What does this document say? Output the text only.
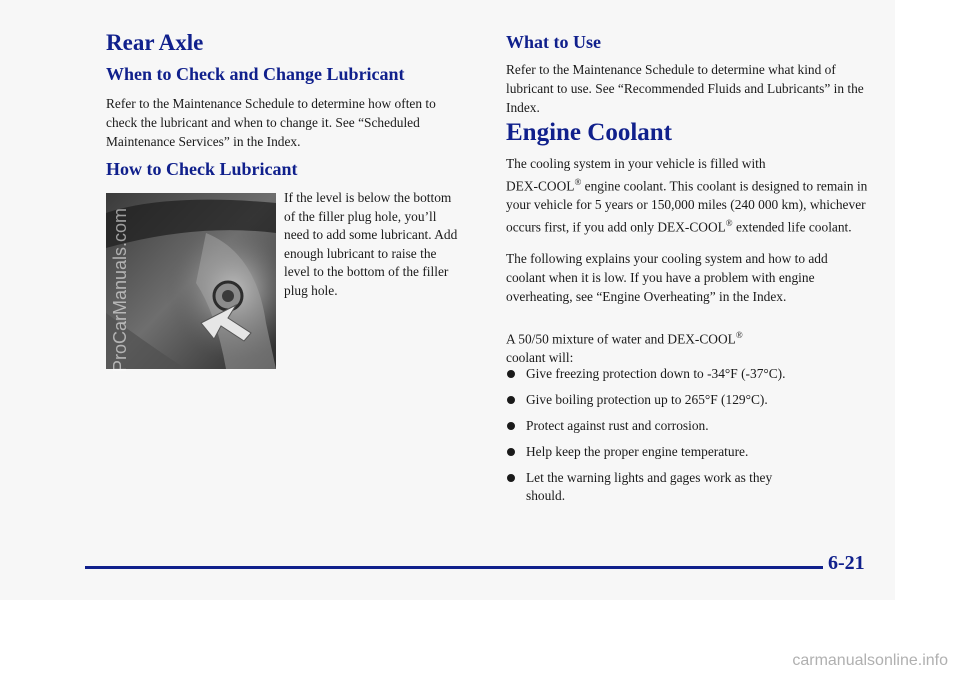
Rear Axle
When to Check and Change Lubricant

Refer to the Maintenance Schedule to determine how often to check the lubricant and when to change it. See “Scheduled Maintenance Services” in the Index.

How to Check Lubricant
ProCarManuals.com

If the level is below the bottom of the filler plug hole, you’ll need to add some lubricant. Add enough lubricant to raise the level to the bottom of the filler plug hole.

What to Use

Refer to the Maintenance Schedule to determine what kind of lubricant to use. See “Recommended Fluids and Lubricants” in the Index.

Engine Coolant

The cooling system in your vehicle is filled with
DEX-COOL® engine coolant. This coolant is designed to remain in your vehicle for 5 years or 150,000 miles (240 000 km), whichever occurs first, if you add only DEX-COOL® extended life coolant.

The following explains your cooling system and how to add coolant when it is low. If you have a problem with engine overheating, see “Engine Overheating” in the Index.

A 50/50 mixture of water and DEX-COOL®
coolant will:

Give freezing protection down to -34°F (-37°C).
Give boiling protection up to 265°F (129°C).
Protect against rust and corrosion.
Help keep the proper engine temperature.
Let the warning lights and gages work as they should.
6-21
carmanualsonline.info
